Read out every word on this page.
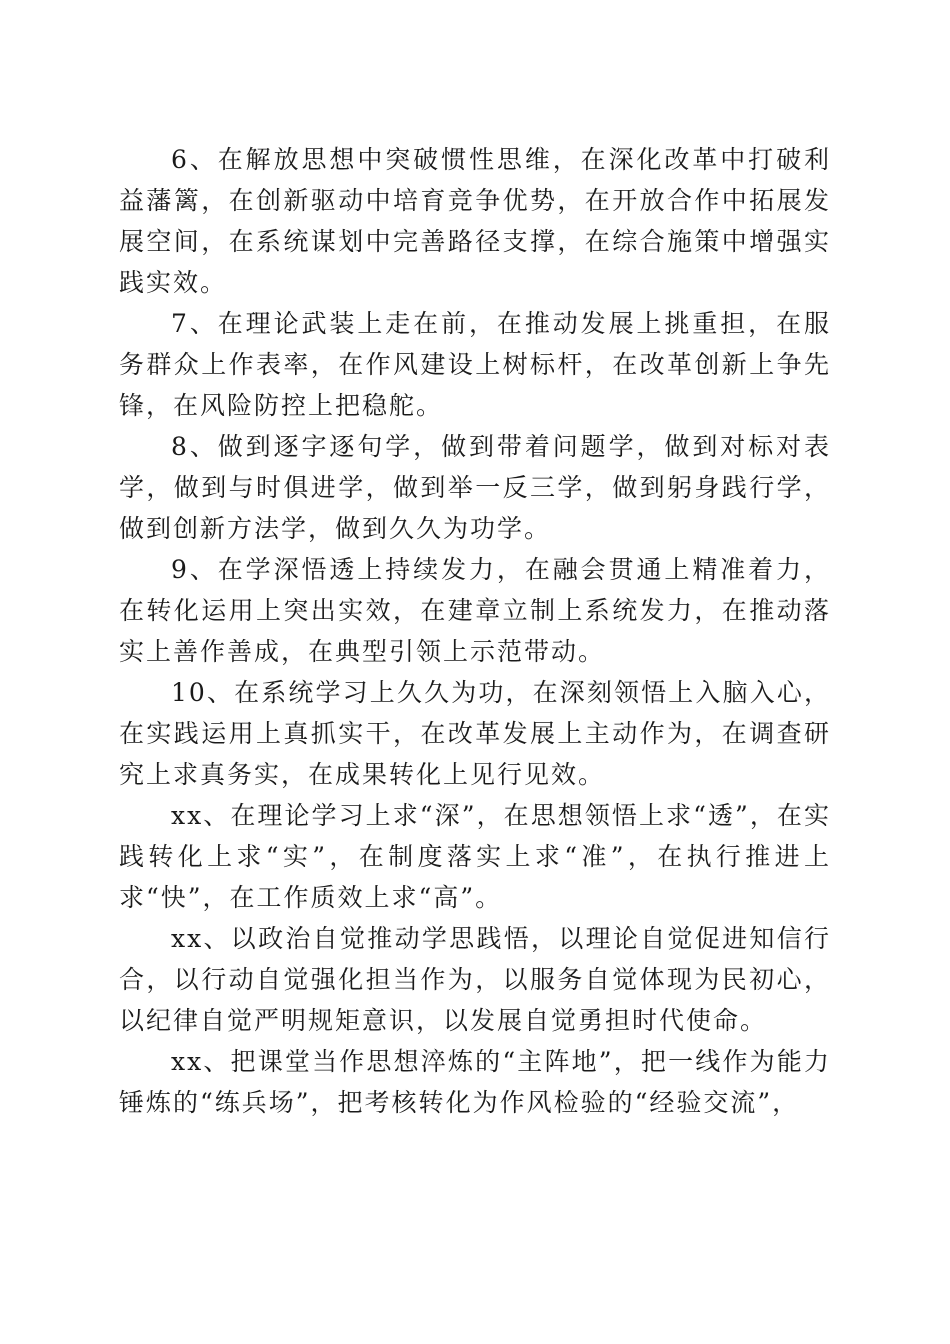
6、在解放思想中突破惯性思维，在深化改革中打破利益藩篱，在创新驱动中培育竞争优势，在开放合作中拓展发展空间，在系统谋划中完善路径支撑，在综合施策中增强实践实效。

7、在理论武装上走在前，在推动发展上挑重担，在服务群众上作表率，在作风建设上树标杆，在改革创新上争先锋，在风险防控上把稳舵。

8、做到逐字逐句学，做到带着问题学，做到对标对表学，做到与时俱进学，做到举一反三学，做到躬身践行学，做到创新方法学，做到久久为功学。

9、在学深悟透上持续发力，在融会贯通上精准着力，在转化运用上突出实效，在建章立制上系统发力，在推动落实上善作善成，在典型引领上示范带动。

10、在系统学习上久久为功，在深刻领悟上入脑入心，在实践运用上真抓实干，在改革发展上主动作为，在调查研究上求真务实，在成果转化上见行见效。

xx、在理论学习上求“深”，在思想领悟上求“透”，在实践转化上求“实”，在制度落实上求“准”，在执行推进上求“快”，在工作质效上求“高”。

xx、以政治自觉推动学思践悟，以理论自觉促进知信行合，以行动自觉强化担当作为，以服务自觉体现为民初心，以纪律自觉严明规矩意识，以发展自觉勇担时代使命。

xx、把课堂当作思想淬炼的“主阵地”，把一线作为能力锤炼的“练兵场”，把考核转化为作风检验的“经验交流”，
